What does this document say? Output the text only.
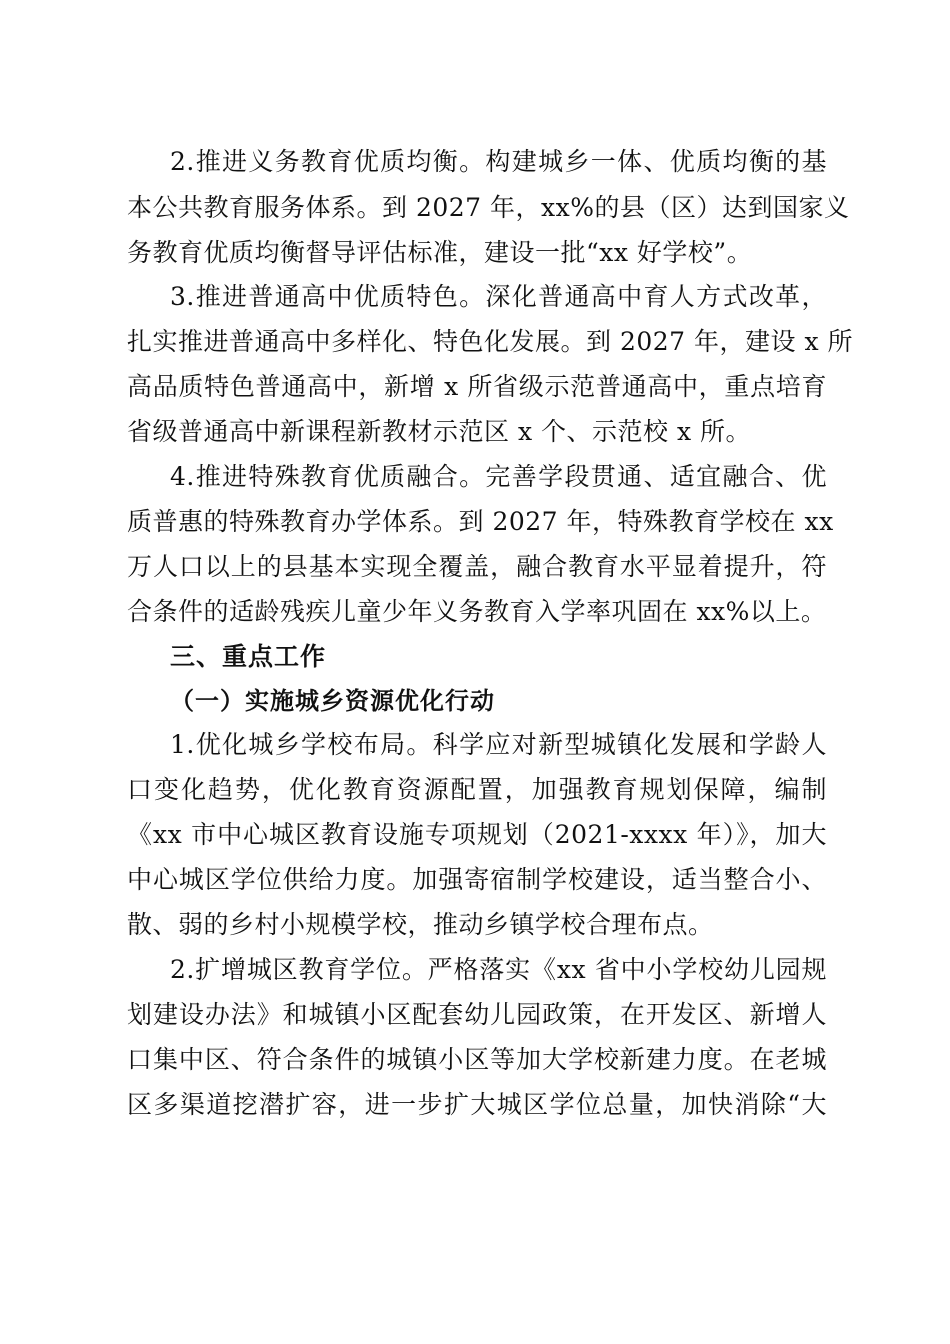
2.推进义务教育优质均衡。构建城乡一体、优质均衡的基
本公共教育服务体系。到 2027 年，xx%的县（区）达到国家义
务教育优质均衡督导评估标准，建设一批“xx 好学校”。
3.推进普通高中优质特色。深化普通高中育人方式改革，
扎实推进普通高中多样化、特色化发展。到 2027 年，建设 x 所
高品质特色普通高中，新增 x 所省级示范普通高中，重点培育
省级普通高中新课程新教材示范区 x 个、示范校 x 所。
4.推进特殊教育优质融合。完善学段贯通、适宜融合、优
质普惠的特殊教育办学体系。到 2027 年，特殊教育学校在 xx
万人口以上的县基本实现全覆盖，融合教育水平显着提升，符
合条件的适龄残疾儿童少年义务教育入学率巩固在 xx%以上。
三、重点工作
（一）实施城乡资源优化行动
1.优化城乡学校布局。科学应对新型城镇化发展和学龄人
口变化趋势，优化教育资源配置，加强教育规划保障，编制
《xx 市中心城区教育设施专项规划（2021-xxxx 年）》，加大
中心城区学位供给力度。加强寄宿制学校建设，适当整合小、
散、弱的乡村小规模学校，推动乡镇学校合理布点。
2.扩增城区教育学位。严格落实《xx 省中小学校幼儿园规
划建设办法》和城镇小区配套幼儿园政策，在开发区、新增人
口集中区、符合条件的城镇小区等加大学校新建力度。在老城
区多渠道挖潜扩容，进一步扩大城区学位总量，加快消除“大
